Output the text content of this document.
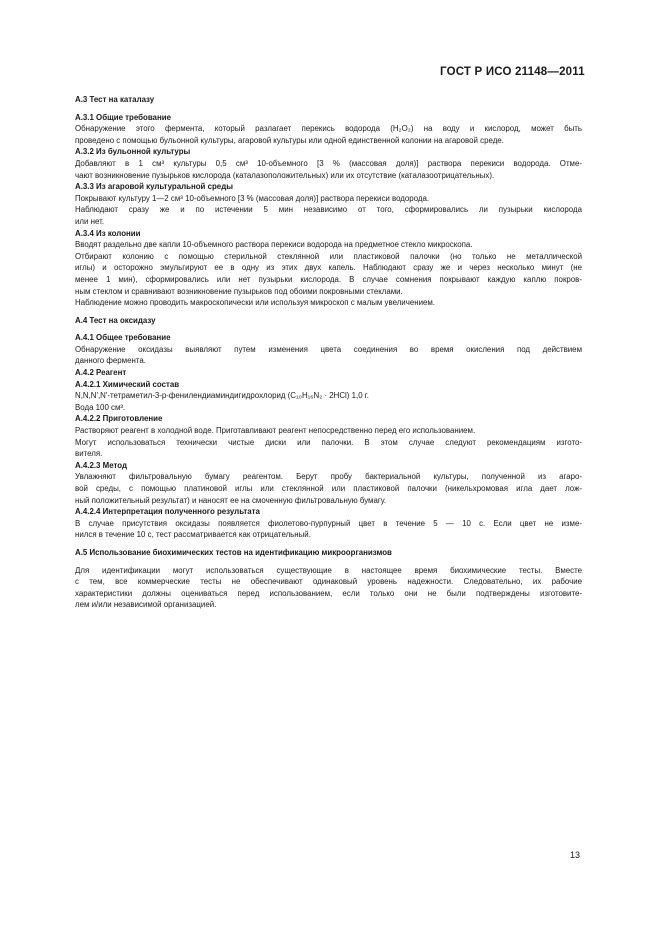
ГОСТ Р ИСО 21148—2011
A.3 Тест на каталазу
A.3.1 Общие требование
Обнаружение этого фермента, который разлагает перекись водорода (H₂O₂) на воду и кислород, может быть
проведено с помощью бульонной культуры, агаровой культуры или одной единственной колонии на агаровой среде.
A.3.2 Из бульонной культуры
Добавляют в 1 см³ культуры 0,5 см³ 10-объемного [3 % (массовая доля)] раствора перекиси водорода. Отме-
чают возникновение пузырьков кислорода (каталазоположительных) или их отсутствие (каталазоотрицательных).
A.3.3 Из агаровой культуральной среды
Покрывают культуру 1—2 см³ 10-объемного [3 % (массовая доля)] раствора перекиси водорода.
Наблюдают сразу же и по истечении 5 мин независимо от того, сформировались ли пузырьки кислорода
или нет.
A.3.4 Из колонии
Вводят раздельно две капли 10-объемного раствора перекиси водорода на предметное стекло микроскопа.
Отбирают колонию с помощью стерильной стеклянной или пластиковой палочки (но только не металлической
иглы) и осторожно эмульгируют ее в одну из этих двух капель. Наблюдают сразу же и через несколько минут (не
менее 1 мин), сформировались или нет пузырьки кислорода. В случае сомнения покрывают каждую каплю покров-
ным стеклом и сравнивают возникновение пузырьков под обоими покровными стеклами.
Наблюдение можно проводить макроскопически или используя микроскоп с малым увеличением.
A.4 Тест на оксидазу
A.4.1 Общее требование
Обнаружение оксидазы выявляют путем изменения цвета соединения во время окисления под действием
данного фермента.
A.4.2 Реагент
A.4.2.1 Химический состав
N,N,N',N'-тетраметил-3-р-фенилендиаминдигидрохлорид (C₁₀H₁₆N₂ · 2HCl) 1,0 г.
Вода 100 см³.
A.4.2.2 Приготовление
Растворяют реагент в холодной воде. Приготавливают реагент непосредственно перед его использованием.
Могут использоваться технически чистые диски или палочки. В этом случае следуют рекомендациям изгото-
вителя.
A.4.2.3 Метод
Увлажняют фильтровальную бумагу реагентом. Берут пробу бактериальной культуры, полученной из агаро-
вой среды, с помощью платиновой иглы или стеклянной или пластиковой палочки (никельхромовая игла дает лож-
ный положительный результат) и наносят ее на смоченную фильтровальную бумагу.
A.4.2.4 Интерпретация полученного результата
В случае присутствия оксидазы появляется фиолетово-пурпурный цвет в течение 5 — 10 с. Если цвет не изме-
нился в течение 10 с, тест рассматривается как отрицательный.
A.5 Использование биохимических тестов на идентификацию микроорганизмов
Для идентификации могут использоваться существующие в настоящее время биохимические тесты. Вместе
с тем, все коммерческие тесты не обеспечивают одинаковый уровень надежности. Следовательно, их рабочие
характеристики должны оцениваться перед использованием, если только они не были подтверждены изготовите-
лем и/или независимой организацией.
13
